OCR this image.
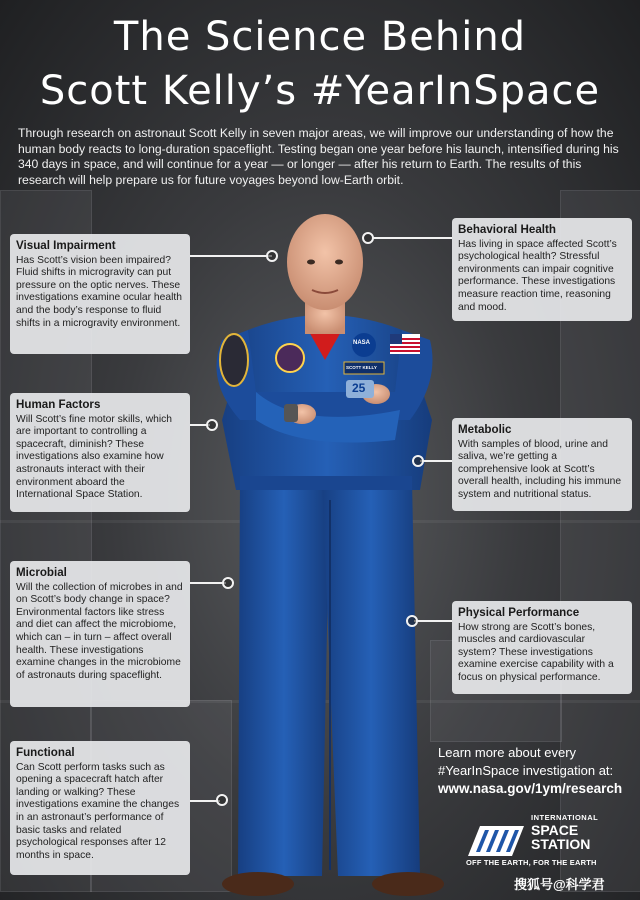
NASA
SCOTT KELLY
25
The Science Behind
Scott Kelly’s #YearInSpace

Through research on astronaut Scott Kelly in seven major areas, we will improve our understanding of how the human body reacts to long-duration spaceflight. Testing began one year before his launch, intensified during his 340 days in space, and will continue for a year — or longer — after his return to Earth. The results of this research will help prepare us for future voyages beyond low-Earth orbit.

Visual Impairment

Has Scott’s vision been impaired? Fluid shifts in microgravity can put pressure on the optic nerves. These investigations examine ocular health and the body’s response to fluid shifts in a microgravity environment.

Human Factors

Will Scott’s fine motor skills, which are important to controlling a spacecraft, diminish? These investigations also examine how astronauts interact with their environment aboard the International Space Station.

Microbial

Will the collection of microbes in and on Scott’s body change in space? Environmental factors like stress and diet can affect the microbiome, which can – in turn – affect overall health. These investigations examine changes in the microbiome of astronauts during spaceflight.

Functional

Can Scott perform tasks such as opening a spacecraft hatch after landing or walking? These investigations examine the changes in an astronaut’s performance of basic tasks and related psychological responses after 12 months in space.

Behavioral Health

Has living in space affected Scott’s psychological health? Stressful environments can impair cognitive performance. These investigations measure reaction time, reasoning and mood.

Metabolic

With samples of blood, urine and saliva, we’re getting a comprehensive look at Scott’s overall health, including his immune system and nutritional status.

Physical Performance

How strong are Scott’s bones, muscles and cardiovascular system? These investigations examine exercise capability with a focus on physical performance.

Learn more about every
#YearInSpace investigation at:
www.nasa.gov/1ym/research
INTERNATIONAL
SPACE
STATION
OFF THE EARTH, FOR THE EARTH
搜狐号@科学君
